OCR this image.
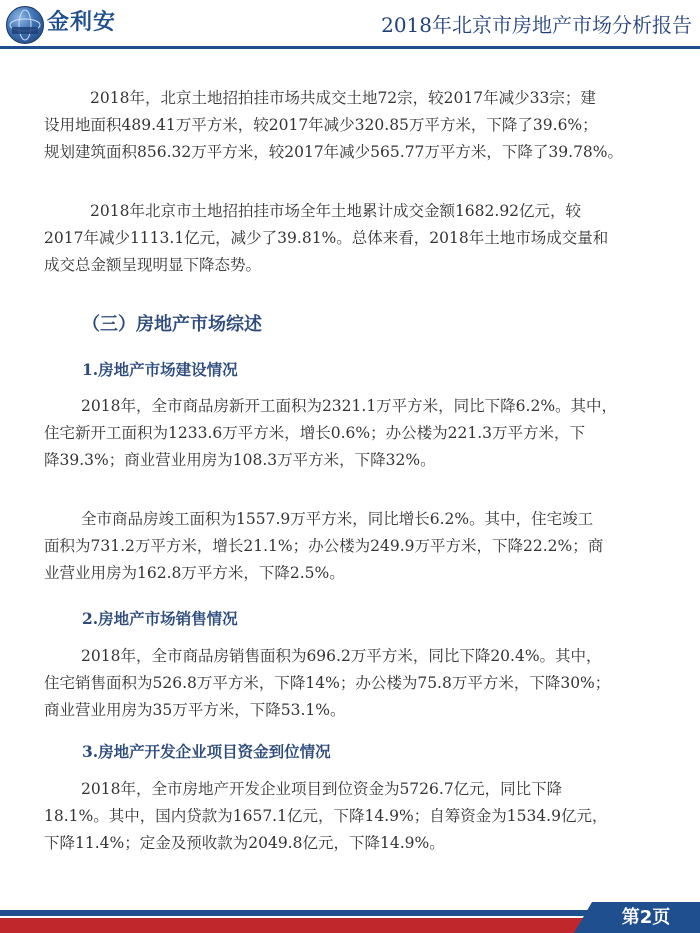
金利安	2018年北京市房地产市场分析报告
2018年，北京土地招拍挂市场共成交土地72宗，较2017年减少33宗；建
设用地面积489.41万平方米，较2017年减少320.85万平方米，下降了39.6%；
规划建筑面积856.32万平方米，较2017年减少565.77万平方米，下降了39.78%。
2018年北京市土地招拍挂市场全年土地累计成交金额1682.92亿元，较
2017年减少1113.1亿元，减少了39.81%。总体来看，2018年土地市场成交量和
成交总金额呈现明显下降态势。
（三）房地产市场综述
1.房地产市场建设情况
2018年，全市商品房新开工面积为2321.1万平方米，同比下降6.2%。其中，
住宅新开工面积为1233.6万平方米，增长0.6%；办公楼为221.3万平方米，下
降39.3%；商业营业用房为108.3万平方米，下降32%。
全市商品房竣工面积为1557.9万平方米，同比增长6.2%。其中，住宅竣工
面积为731.2万平方米，增长21.1%；办公楼为249.9万平方米，下降22.2%；商
业营业用房为162.8万平方米，下降2.5%。
2.房地产市场销售情况
2018年，全市商品房销售面积为696.2万平方米，同比下降20.4%。其中，
住宅销售面积为526.8万平方米，下降14%；办公楼为75.8万平方米，下降30%；
商业营业用房为35万平方米，下降53.1%。
3.房地产开发企业项目资金到位情况
2018年，全市房地产开发企业项目到位资金为5726.7亿元，同比下降
18.1%。其中，国内贷款为1657.1亿元，下降14.9%；自筹资金为1534.9亿元，
下降11.4%；定金及预收款为2049.8亿元，下降14.9%。
第2页
